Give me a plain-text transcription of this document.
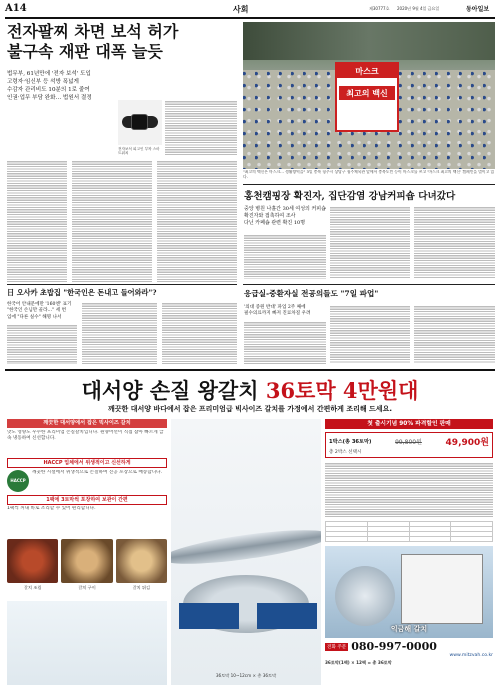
A14	사회	제30777호 2020년 9월 4일 금요일	동아일보
전자팔찌 차면 보석 허가
불구속 재판 대폭 늘듯
법무부, 61년만에 '전자 보석' 도입
고령자·임신부 등 석방 폭넓게
수감자 관리비도 10분의 1로 줄여
인권·업무 부담 완화… 법원서 결정
전자보석 피고인 부착 스마트워치
마스크
최고의 백신
"최고의 백신은 마스크… 생활방역을" 3일 충북 청주시 상당구 청주체육관 앞에서 충북도민 등이 마스크를 쓰고 '마스크 최고의 백신' 캠페인을 벌이고 있다.
홍천캠핑장 확진자, 집단감염 강남커피숍 다녀갔다
중앙 병원 나흘간 30세 여성의 커피숍 확진자와 접촉하여 조사
다닌 카페숍 관련 확진 10명
日 오사카 초밥집 "한국인은 돈내고 들어와라"?
한국어 안내문에만 '160엔' 표기
"한국인 손님만 골라…" 세 번
입에 "다른 실수" 해명 나서
응급실-중환자실 전공의들도 "7일 파업"
'의대 증원 반대' 파업 2주 째에
필수의료까지 빠져 진료차질 우려
대서양 손질 왕갈치 36토막 4만원대
깨끗한 대서양 바다에서 잡은 프리미엄급 빅사이즈 갈치를 가정에서 간편하게 조리해 드세요.
깨끗한 대서양에서 잡은 빅사이즈 갈치
맛도 영양도 우수한 프리미엄 손질갈치입니다. 원양어선이 직접 잡아 빠르게 급속 냉동하여 신선합니다.
HACCP 업체에서 위생적이고 신선하게
HACCP
깨끗한 시설에서 위생적으로 손질하여 진공 포장으로 배송합니다.
1팩에 3토막씩 포장하여 보관이 간편
1팩씩 꺼내 바로 조리할 수 있어 편리합니다.
갈치 조림	갈치 구이	갈치 튀김
36토막 10~12cm × 총 36토막
첫 출시기념 90% 파격할인 판매
1박스(총 36토막)	99,800원	49,900원
총 2박스 선택시

익금해 갈치
전화 주문 080-997-0000
www.mitzvah.co.kr
36토막(1팩) × 12팩 = 총 36토막
